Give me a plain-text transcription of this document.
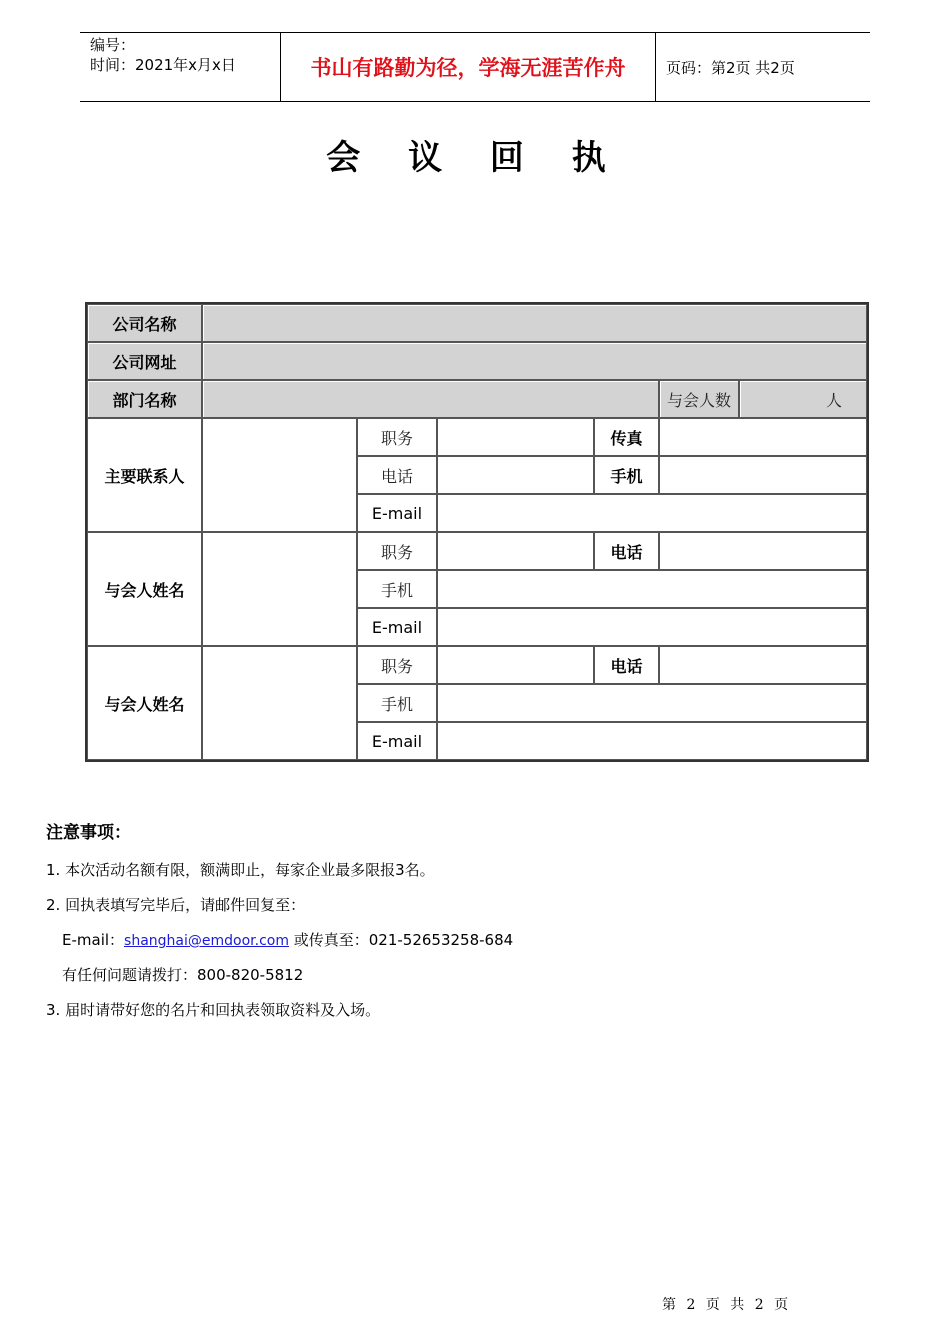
编号：
时间：2021年x月x日	书山有路勤为径，学海无涯苦作舟	页码：第2页 共2页
会 议 回 执
公司名称						
公司网址						
部门名称					与会人数	人
主要联系人		职务		传真		
		电话		手机		
		E-mail				
与会人姓名		职务		电话		
		手机				
		E-mail				
与会人姓名		职务		电话		
		手机				
		E-mail				
注意事项：
1. 本次活动名额有限，额满即止，每家企业最多限报3名。
2. 回执表填写完毕后，请邮件回复至：
E-mail：shanghai@emdoor.com 或传真至：021-52653258-684
有任何问题请拨打：800-820-5812
3. 届时请带好您的名片和回执表领取资料及入场。
第 2 页 共 2 页
